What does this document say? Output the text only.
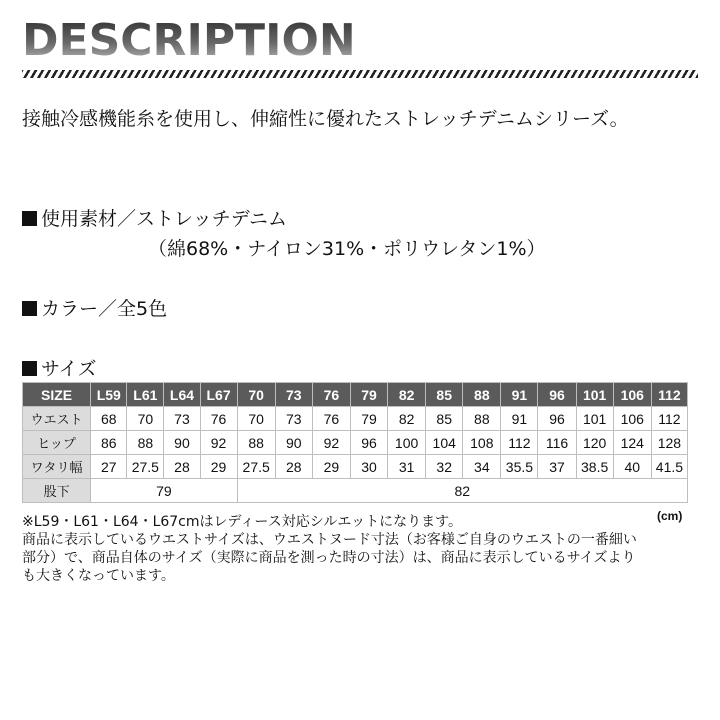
DESCRIPTION
接触冷感機能糸を使用し、伸縮性に優れたストレッチデニムシリーズ。
使用素材／ストレッチデニム
（綿68%・ナイロン31%・ポリウレタン1%）
カラー／全5色
サイズ
SIZE	L59	L61	L64	L67	70	73	76	79	82	85	88	91	96	101	106	112
ウエスト	68	70	73	76	70	73	76	79	82	85	88	91	96	101	106	112
ヒップ	86	88	90	92	88	90	92	96	100	104	108	112	116	120	124	128
ワタリ幅	27	27.5	28	29	27.5	28	29	30	31	32	34	35.5	37	38.5	40	41.5
股下	79				82											
(cm)
※L59・L61・L64・L67cmはレディース対応シルエットになります。
商品に表示しているウエストサイズは、ウエストヌード寸法（お客様ご自身のウエストの一番細い
部分）で、商品自体のサイズ（実際に商品を測った時の寸法）は、商品に表示しているサイズより
も大きくなっています。
